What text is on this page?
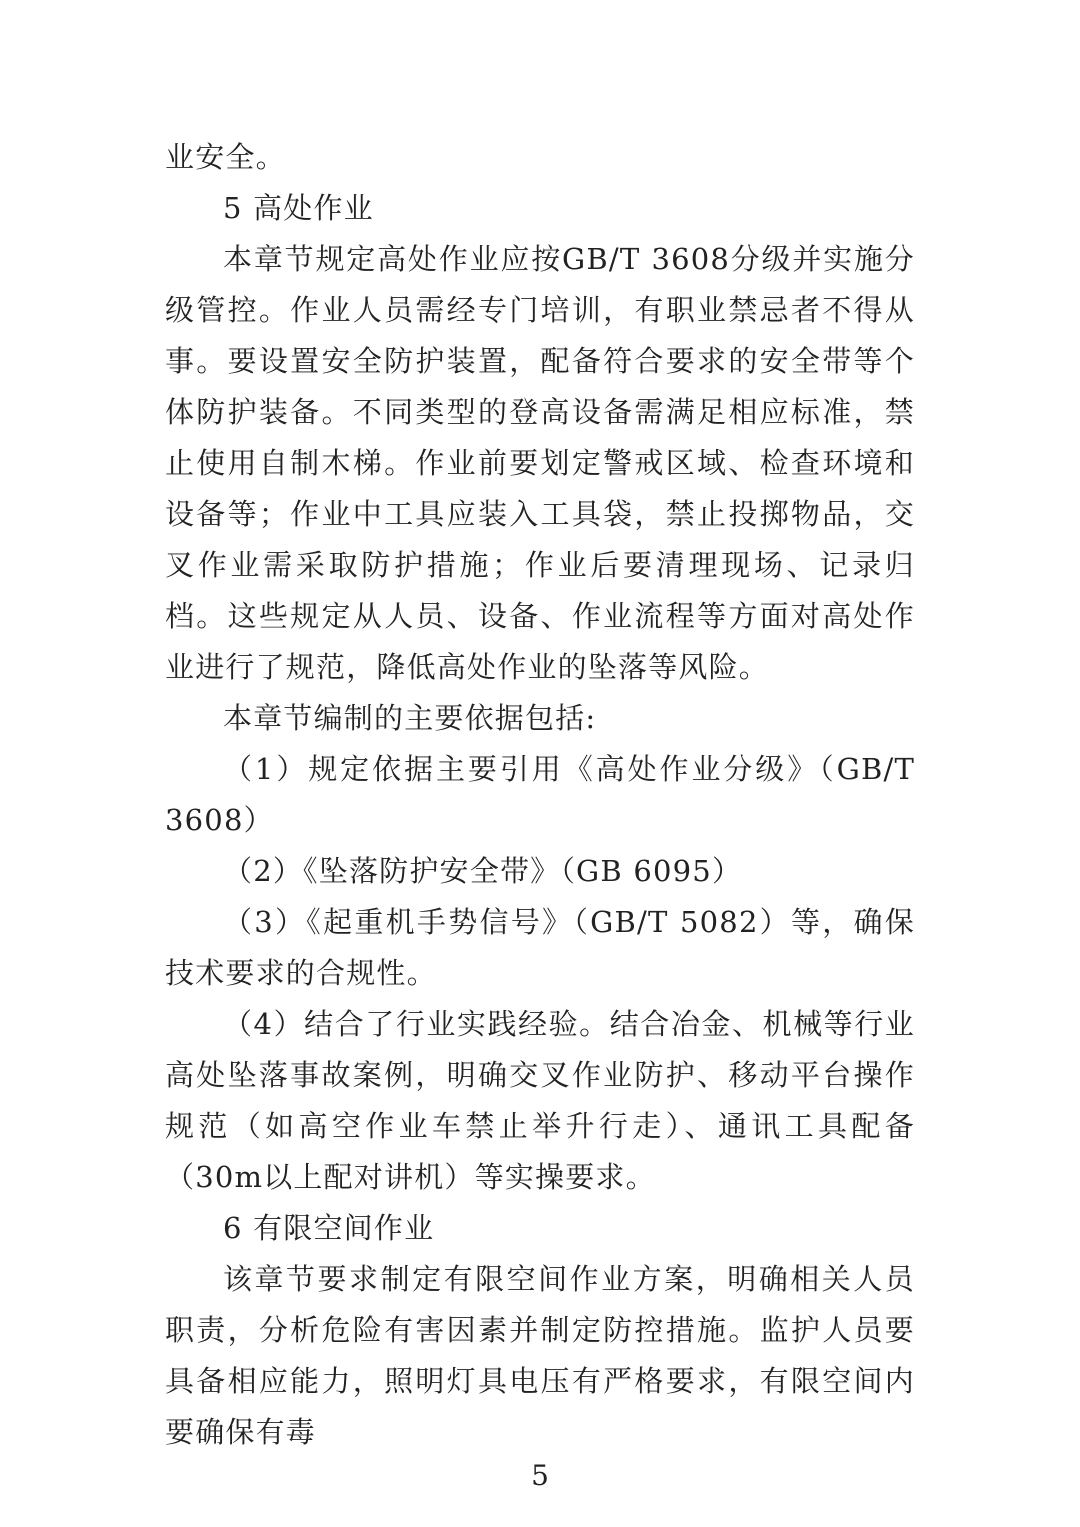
业安全。

5 高处作业

本章节规定高处作业应按GB/T 3608分级并实施分级管控。作业人员需经专门培训，有职业禁忌者不得从事。要设置安全防护装置，配备符合要求的安全带等个体防护装备。不同类型的登高设备需满足相应标准，禁止使用自制木梯。作业前要划定警戒区域、检查环境和设备等；作业中工具应装入工具袋，禁止投掷物品，交叉作业需采取防护措施；作业后要清理现场、记录归档。这些规定从人员、设备、作业流程等方面对高处作业进行了规范，降低高处作业的坠落等风险。

本章节编制的主要依据包括:

（1）规定依据主要引用《高处作业分级》（GB/T 3608）

（2）《坠落防护安全带》（GB 6095）

（3）《起重机手势信号》（GB/T 5082）等，确保技术要求的合规性。

（4）结合了行业实践经验。结合冶金、机械等行业高处坠落事故案例，明确交叉作业防护、移动平台操作规范（如高空作业车禁止举升行走）、通讯工具配备（30m以上配对讲机）等实操要求。

6 有限空间作业

该章节要求制定有限空间作业方案，明确相关人员职责，分析危险有害因素并制定防控措施。监护人员要具备相应能力，照明灯具电压有严格要求，有限空间内要确保有毒

5
